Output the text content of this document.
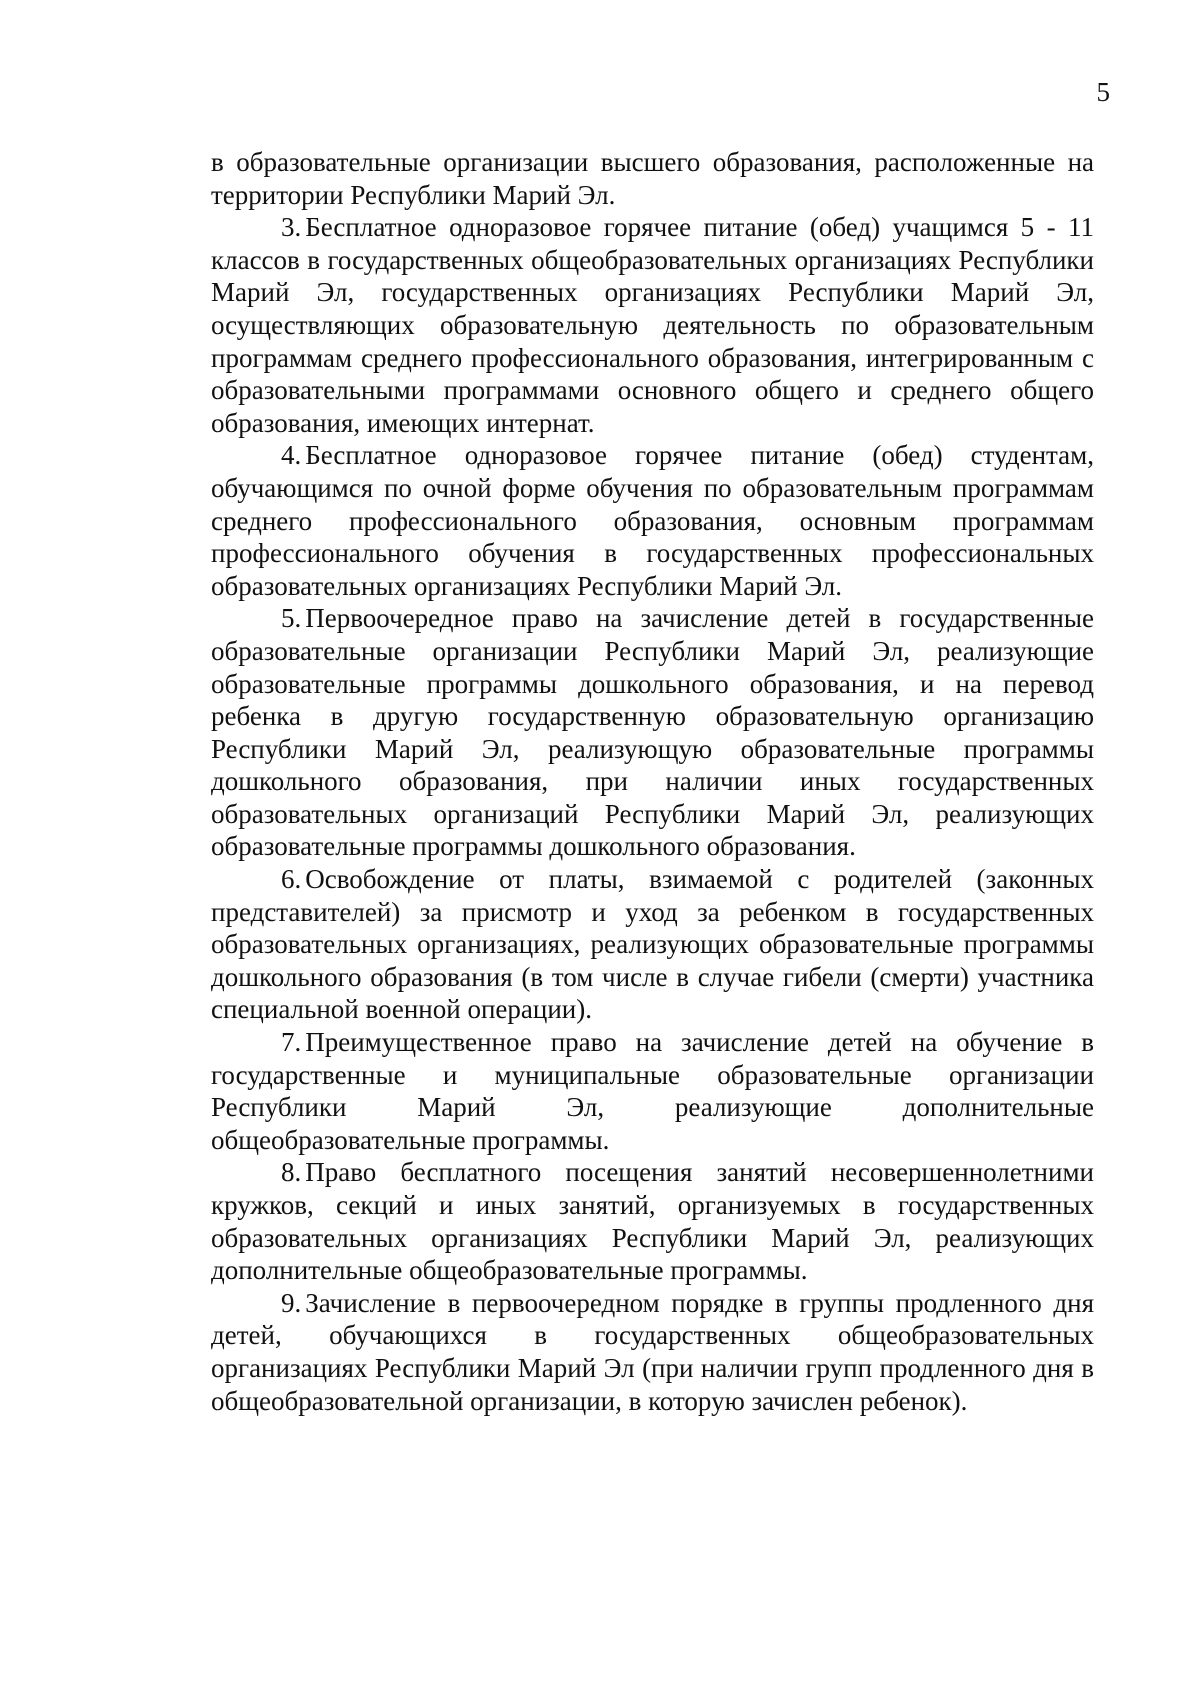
5

в образовательные организации высшего образования, расположенные на территории Республики Марий Эл.

3. Бесплатное одноразовое горячее питание (обед) учащимся 5 - 11 классов в государственных общеобразовательных организациях Республики Марий Эл, государственных организациях Республики Марий Эл, осуществляющих образовательную деятельность по образовательным программам среднего профессионального образования, интегрированным с образовательными программами основного общего и среднего общего образования, имеющих интернат.

4. Бесплатное одноразовое горячее питание (обед) студентам, обучающимся по очной форме обучения по образовательным программам среднего профессионального образования, основным программам профессионального обучения в государственных профессиональных образовательных организациях Республики Марий Эл.

5. Первоочередное право на зачисление детей в государственные образовательные организации Республики Марий Эл, реализующие образовательные программы дошкольного образования, и на перевод ребенка в другую государственную образовательную организацию Республики Марий Эл, реализующую образовательные программы дошкольного образования, при наличии иных государственных образовательных организаций Республики Марий Эл, реализующих образовательные программы дошкольного образования.

6. Освобождение от платы, взимаемой с родителей (законных представителей) за присмотр и уход за ребенком в государственных образовательных организациях, реализующих образовательные программы дошкольного образования (в том числе в случае гибели (смерти) участника специальной военной операции).

7. Преимущественное право на зачисление детей на обучение в государственные и муниципальные образовательные организации Республики Марий Эл, реализующие дополнительные общеобразовательные программы.

8. Право бесплатного посещения занятий несовершеннолетними кружков, секций и иных занятий, организуемых в государственных образовательных организациях Республики Марий Эл, реализующих дополнительные общеобразовательные программы.

9. Зачисление в первоочередном порядке в группы продленного дня детей, обучающихся в государственных общеобразовательных организациях Республики Марий Эл (при наличии групп продленного дня в общеобразовательной организации, в которую зачислен ребенок).
